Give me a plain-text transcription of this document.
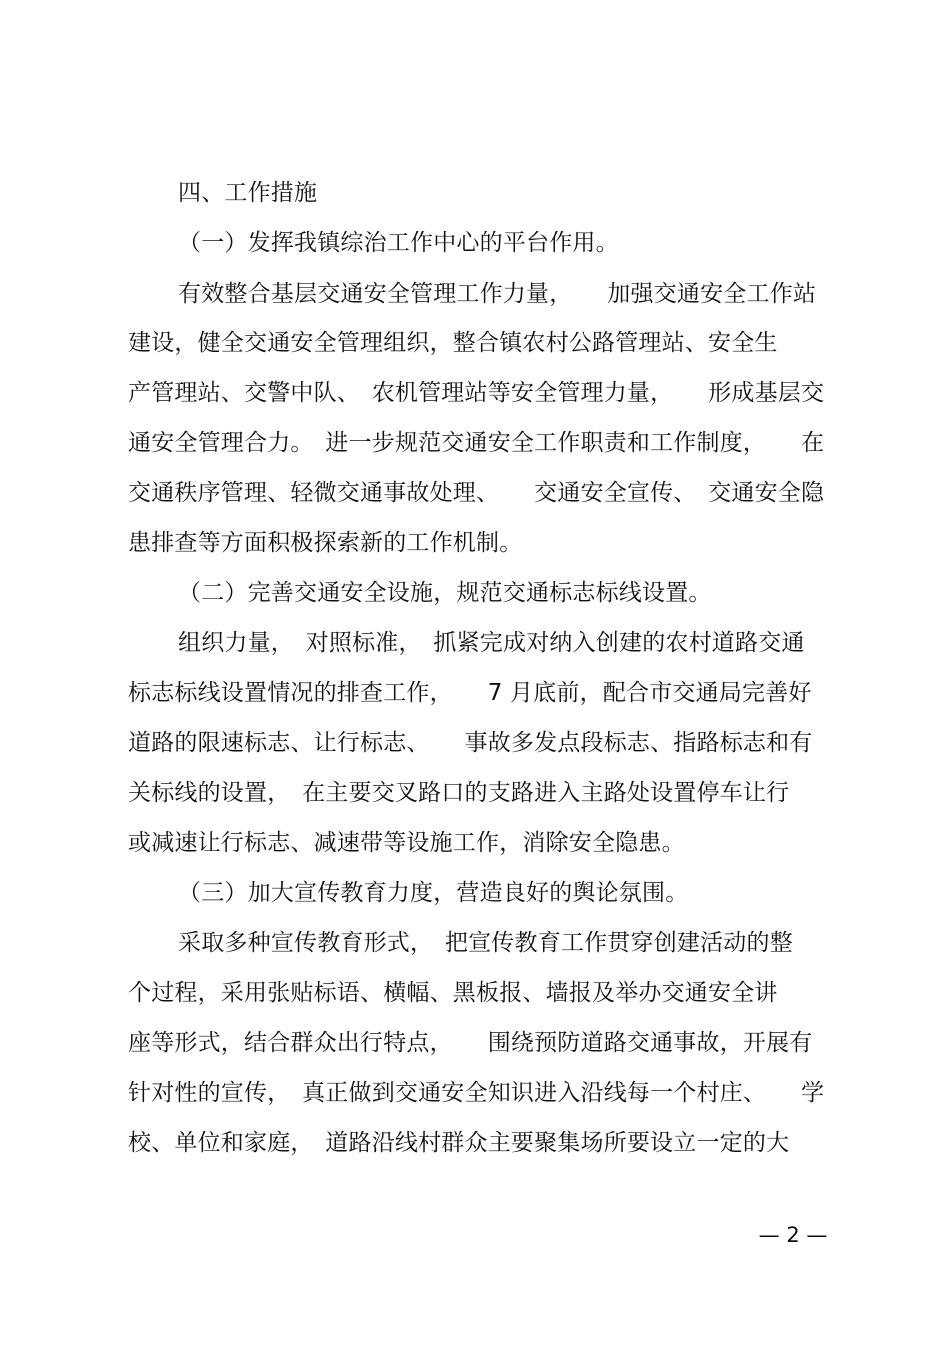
四、工作措施
（一）发挥我镇综治工作中心的平台作用。
有效整合基层交通安全管理工作力量，　　加强交通安全工作站
建设，健全交通安全管理组织，整合镇农村公路管理站、安全生
产管理站、交警中队、　农机管理站等安全管理力量，　　形成基层交
通安全管理合力。　进一步规范交通安全工作职责和工作制度，　　在
交通秩序管理、轻微交通事故处理、　　交通安全宣传、　交通安全隐
患排查等方面积极探索新的工作机制。
（二）完善交通安全设施，规范交通标志标线设置。
组织力量，　对照标准，　抓紧完成对纳入创建的农村道路交通
标志标线设置情况的排查工作，　　7 月底前，配合市交通局完善好
道路的限速标志、让行标志、　　事故多发点段标志、指路标志和有
关标线的设置，　在主要交叉路口的支路进入主路处设置停车让行
或减速让行标志、减速带等设施工作，消除安全隐患。
（三）加大宣传教育力度，营造良好的舆论氛围。
采取多种宣传教育形式，　把宣传教育工作贯穿创建活动的整
个过程，采用张贴标语、横幅、黑板报、墙报及举办交通安全讲
座等形式，结合群众出行特点，　　围绕预防道路交通事故，开展有
针对性的宣传，　真正做到交通安全知识进入沿线每一个村庄、　　学
校、单位和家庭，　道路沿线村群众主要聚集场所要设立一定的大
— 2 —
